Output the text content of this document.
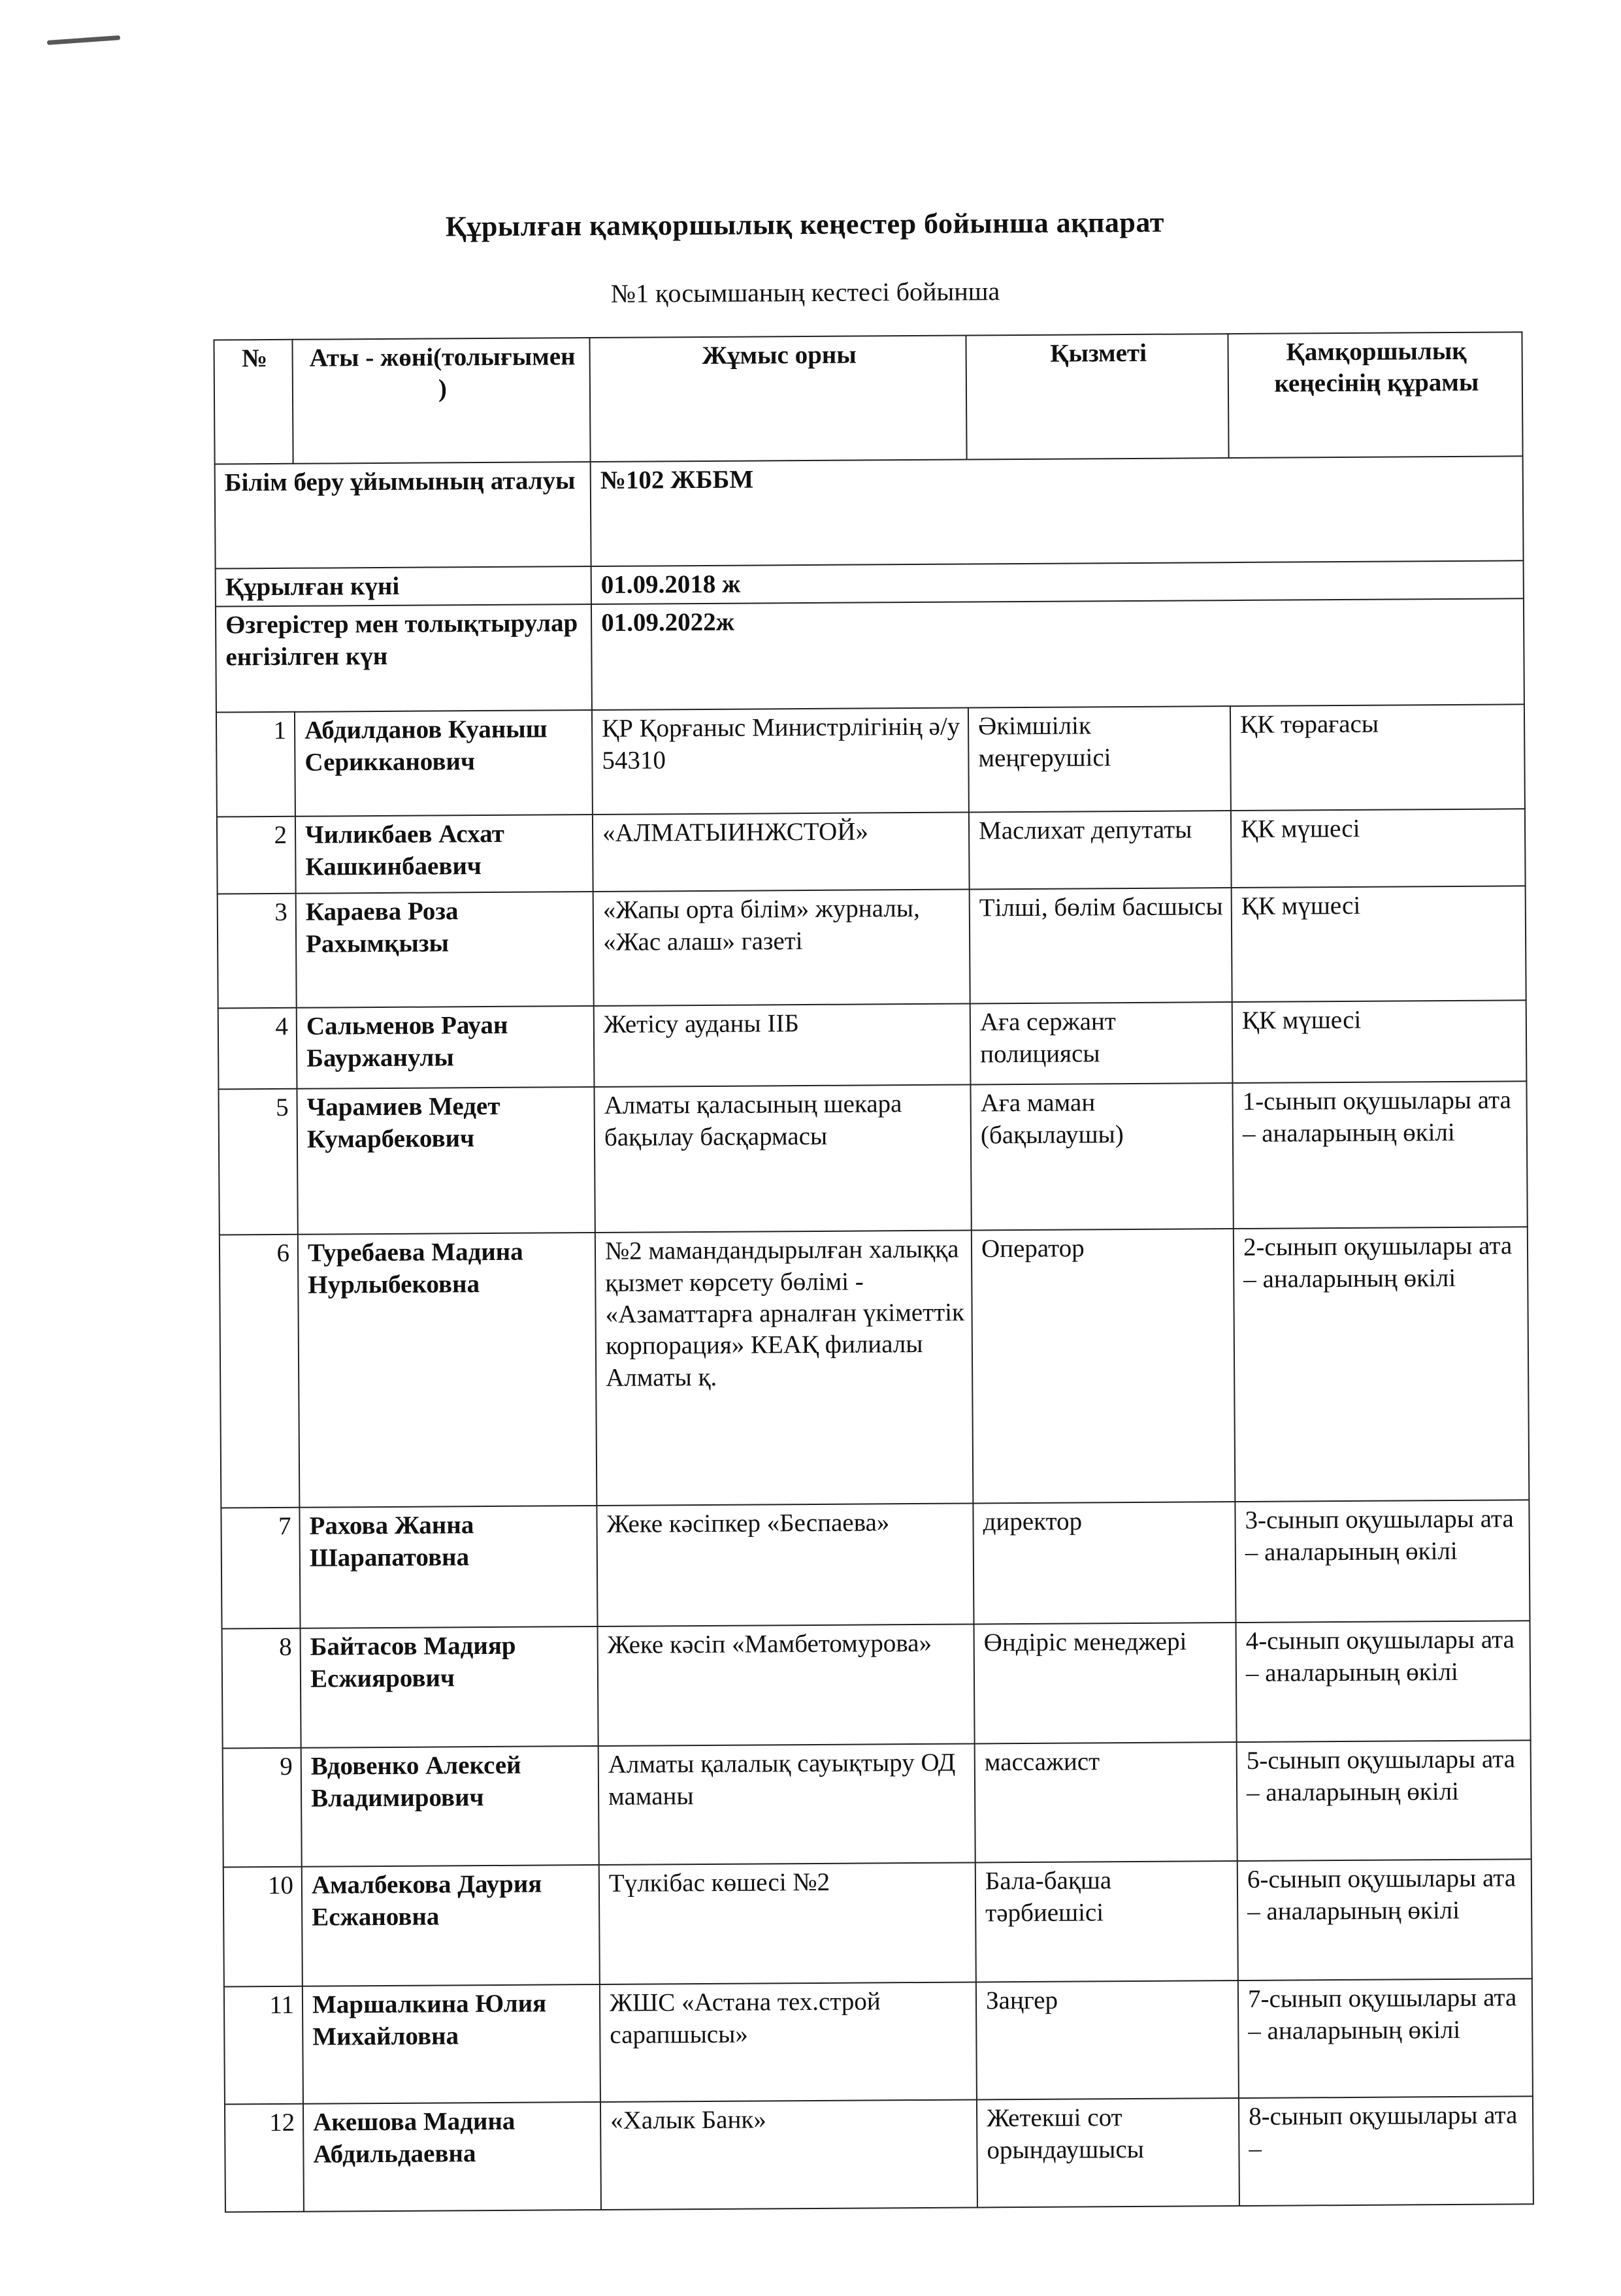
Құрылған қамқоршылық кеңестер бойынша ақпарат

№1 қосымшаның кестесі бойынша

Білім беру ұйымының аталуы		№102 ЖББМ		
Құрылған күні		01.09.2018 ж		
Өзгерістер мен толықтырулар енгізілген күн		01.09.2022ж		
№	Аты - жөні(толығымен )	Жұмыс орны	Қызметі	Қамқоршылық кеңесінің құрамы
1	Абдилданов Куаныш Серикканович	ҚР Қорғаныс Министрлігінің ә/у 54310	Әкімшілік меңгерушісі	ҚК төрағасы
2	Чиликбаев Асхат Кашкинбаевич	«АЛМАТЫИНЖСТОЙ»	Маслихат депутаты	ҚК мүшесі
3	Караева Роза Рахымқызы	«Жапы орта білім» журналы, «Жас алаш» газеті	Тілші, бөлім басшысы	ҚК мүшесі
4	Сальменов Рауан Бауржанулы	Жетісу ауданы ІІБ	Аға сержант полициясы	ҚК мүшесі
5	Чарамиев Медет Кумарбекович	Алматы қаласының шекара бақылау басқармасы	Аға маман (бақылаушы)	1-сынып оқушылары ата – аналарының өкілі
6	Туребаева Мадина Нурлыбековна	№2 мамандандырылған халыққа қызмет көрсету бөлімі - «Азаматтарға арналған үкіметтік корпорация» КЕАҚ филиалы Алматы қ.	Оператор	2-сынып оқушылары ата – аналарының өкілі
7	Рахова Жанна Шарапатовна	Жеке кәсіпкер «Беспаева»	директор	3-сынып оқушылары ата – аналарының өкілі
8	Байтасов Мадияр Есжиярович	Жеке кәсіп «Мамбетомурова»	Өндіріс менеджері	4-сынып оқушылары ата – аналарының өкілі
9	Вдовенко Алексей Владимирович	Алматы қалалық сауықтыру ОД маманы	массажист	5-сынып оқушылары ата – аналарының өкілі
10	Амалбекова Даурия Есжановна	Түлкібас көшесі №2	Бала-бақша тәрбиешісі	6-сынып оқушылары ата – аналарының өкілі
11	Маршалкина Юлия Михайловна	ЖШС «Астана тех.строй сарапшысы»	Заңгер	7-сынып оқушылары ата – аналарының өкілі
12	Акешова Мадина Абдильдаевна	«Халык Банк»	Жетекші сот орындаушысы	8-сынып оқушылары ата –
